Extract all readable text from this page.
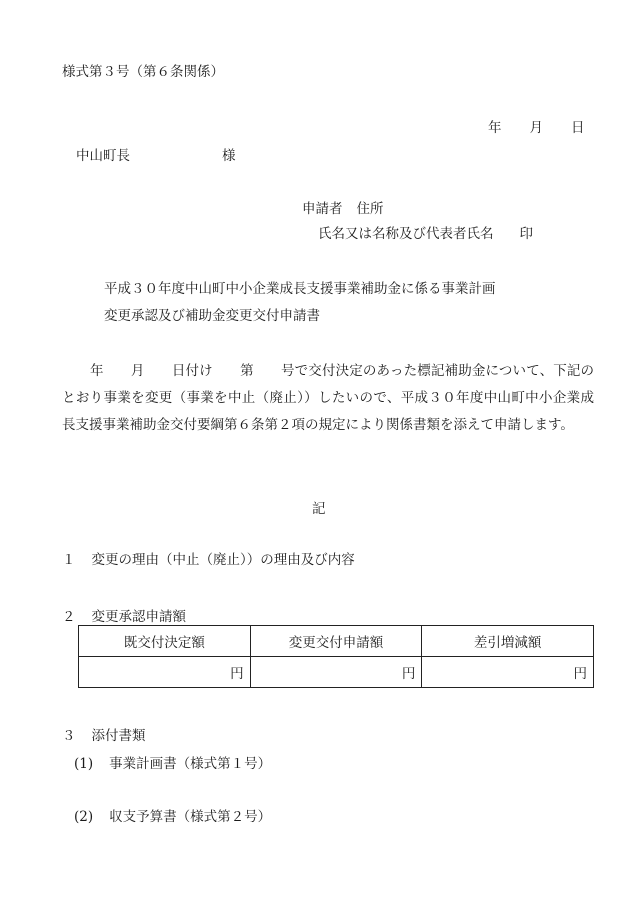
様式第３号（第６条関係）
年 月 日
中山町長	様
申請者 住所
氏名又は名称及び代表者氏名 印
平成３０年度中山町中小企業成長支援事業補助金に係る事業計画
変更承認及び補助金変更交付申請書

年　　月　　日付け　　第　　号で交付決定のあった標記補助金について、下記のとおり事業を変更（事業を中止（廃止））したいので、平成３０年度中山町中小企業成長支援事業補助金交付要綱第６条第２項の規定により関係書類を添えて申請します。

記
１ 変更の理由（中止（廃止））の理由及び内容
２ 変更承認申請額
既交付決定額	変更交付申請額	差引増減額
円	円	円
３ 添付書類
(1) 事業計画書（様式第１号）
(2) 収支予算書（様式第２号）
